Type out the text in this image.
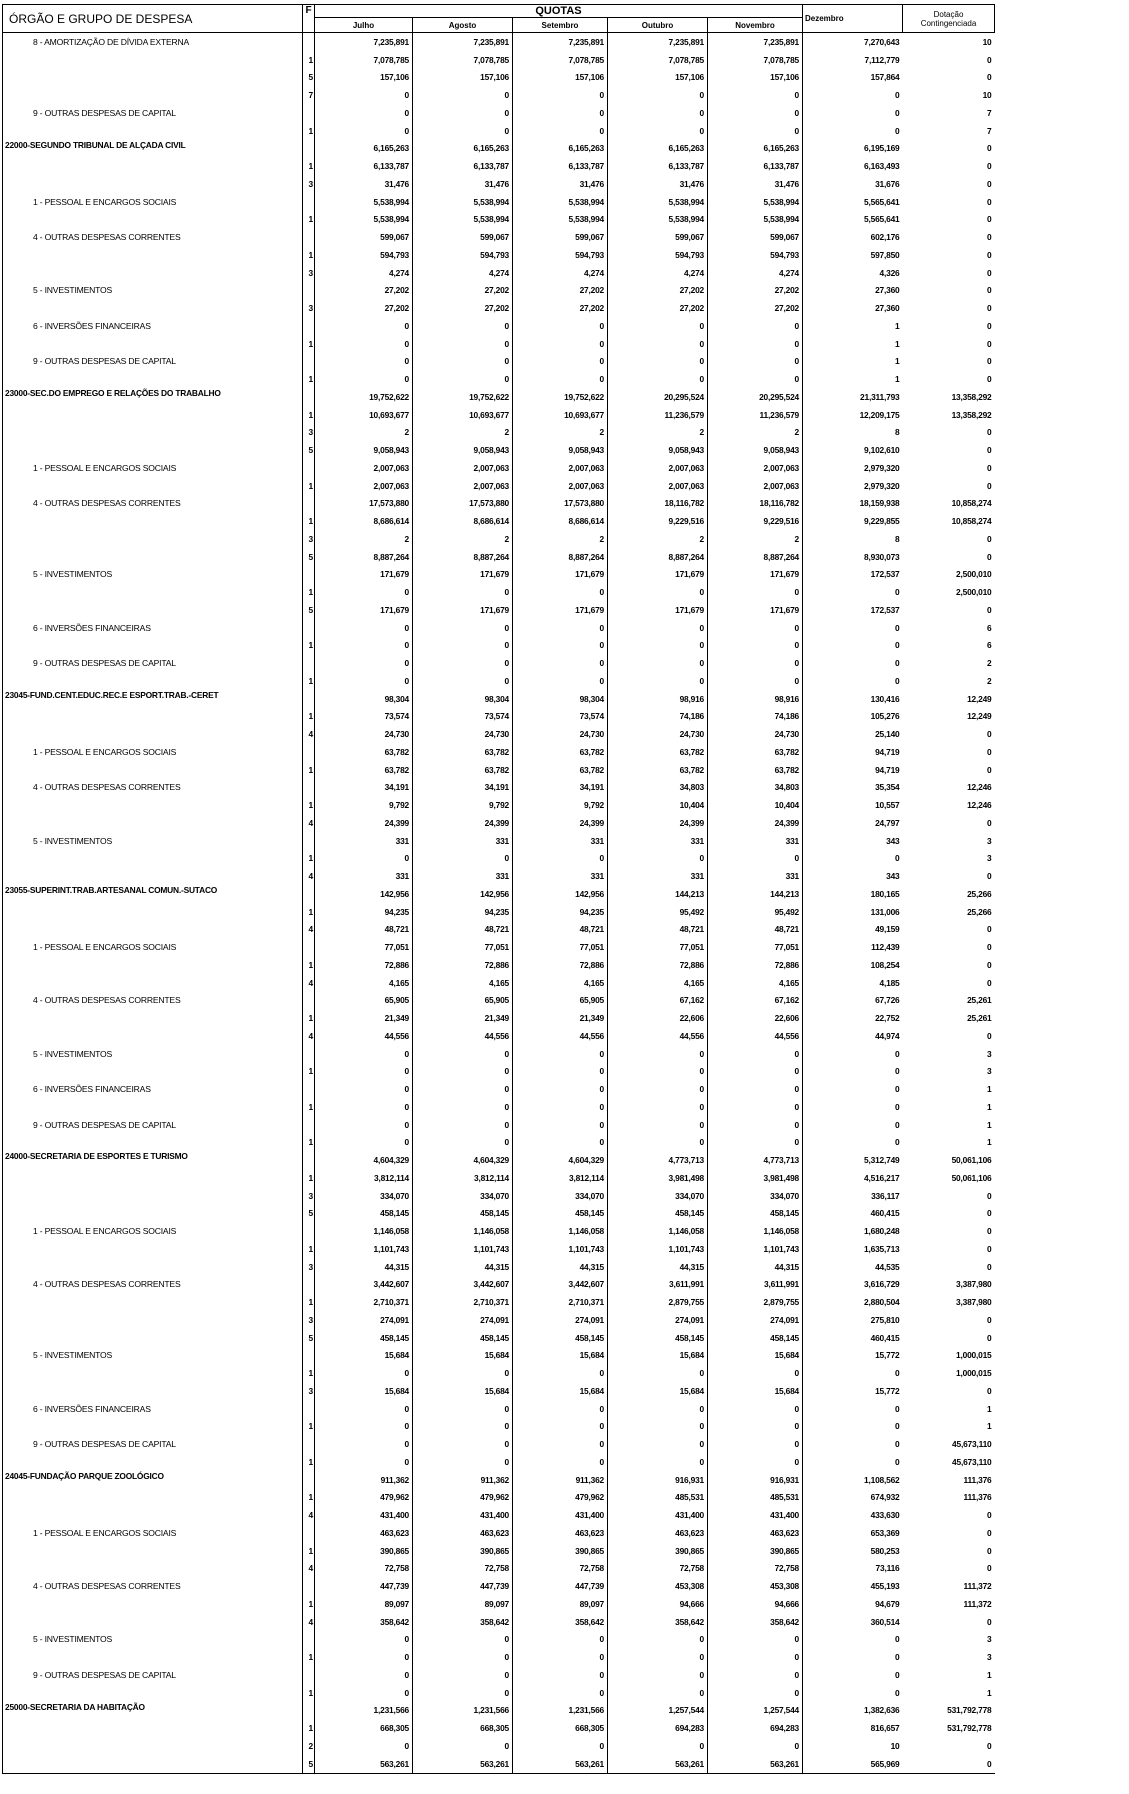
ÓRGÃO E GRUPO DE DESPESA	F	QUOTAS					Dezembro	Dotação Contingenciada
		Julho	Agosto	Setembro	Outubro	Novembro		
8 - AMORTIZAÇÃO DE DÍVIDA EXTERNA		7,235,891	7,235,891	7,235,891	7,235,891	7,235,891	7,270,643	10
	1	7,078,785	7,078,785	7,078,785	7,078,785	7,078,785	7,112,779	0
	5	157,106	157,106	157,106	157,106	157,106	157,864	0
	7	0	0	0	0	0	0	10
9 - OUTRAS DESPESAS DE CAPITAL		0	0	0	0	0	0	7
	1	0	0	0	0	0	0	7
22000-SEGUNDO TRIBUNAL DE ALÇADA CIVIL		6,165,263	6,165,263	6,165,263	6,165,263	6,165,263	6,195,169	0
	1	6,133,787	6,133,787	6,133,787	6,133,787	6,133,787	6,163,493	0
	3	31,476	31,476	31,476	31,476	31,476	31,676	0
1 - PESSOAL E ENCARGOS SOCIAIS		5,538,994	5,538,994	5,538,994	5,538,994	5,538,994	5,565,641	0
	1	5,538,994	5,538,994	5,538,994	5,538,994	5,538,994	5,565,641	0
4 - OUTRAS DESPESAS CORRENTES		599,067	599,067	599,067	599,067	599,067	602,176	0
	1	594,793	594,793	594,793	594,793	594,793	597,850	0
	3	4,274	4,274	4,274	4,274	4,274	4,326	0
5 - INVESTIMENTOS		27,202	27,202	27,202	27,202	27,202	27,360	0
	3	27,202	27,202	27,202	27,202	27,202	27,360	0
6 - INVERSÕES FINANCEIRAS		0	0	0	0	0	1	0
	1	0	0	0	0	0	1	0
9 - OUTRAS DESPESAS DE CAPITAL		0	0	0	0	0	1	0
	1	0	0	0	0	0	1	0
23000-SEC.DO EMPREGO E RELAÇÕES DO TRABALHO		19,752,622	19,752,622	19,752,622	20,295,524	20,295,524	21,311,793	13,358,292
	1	10,693,677	10,693,677	10,693,677	11,236,579	11,236,579	12,209,175	13,358,292
	3	2	2	2	2	2	8	0
	5	9,058,943	9,058,943	9,058,943	9,058,943	9,058,943	9,102,610	0
1 - PESSOAL E ENCARGOS SOCIAIS		2,007,063	2,007,063	2,007,063	2,007,063	2,007,063	2,979,320	0
	1	2,007,063	2,007,063	2,007,063	2,007,063	2,007,063	2,979,320	0
4 - OUTRAS DESPESAS CORRENTES		17,573,880	17,573,880	17,573,880	18,116,782	18,116,782	18,159,938	10,858,274
	1	8,686,614	8,686,614	8,686,614	9,229,516	9,229,516	9,229,855	10,858,274
	3	2	2	2	2	2	8	0
	5	8,887,264	8,887,264	8,887,264	8,887,264	8,887,264	8,930,073	0
5 - INVESTIMENTOS		171,679	171,679	171,679	171,679	171,679	172,537	2,500,010
	1	0	0	0	0	0	0	2,500,010
	5	171,679	171,679	171,679	171,679	171,679	172,537	0
6 - INVERSÕES FINANCEIRAS		0	0	0	0	0	0	6
	1	0	0	0	0	0	0	6
9 - OUTRAS DESPESAS DE CAPITAL		0	0	0	0	0	0	2
	1	0	0	0	0	0	0	2
23045-FUND.CENT.EDUC.REC.E ESPORT.TRAB.-CERET		98,304	98,304	98,304	98,916	98,916	130,416	12,249
	1	73,574	73,574	73,574	74,186	74,186	105,276	12,249
	4	24,730	24,730	24,730	24,730	24,730	25,140	0
1 - PESSOAL E ENCARGOS SOCIAIS		63,782	63,782	63,782	63,782	63,782	94,719	0
	1	63,782	63,782	63,782	63,782	63,782	94,719	0
4 - OUTRAS DESPESAS CORRENTES		34,191	34,191	34,191	34,803	34,803	35,354	12,246
	1	9,792	9,792	9,792	10,404	10,404	10,557	12,246
	4	24,399	24,399	24,399	24,399	24,399	24,797	0
5 - INVESTIMENTOS		331	331	331	331	331	343	3
	1	0	0	0	0	0	0	3
	4	331	331	331	331	331	343	0
23055-SUPERINT.TRAB.ARTESANAL COMUN.-SUTACO		142,956	142,956	142,956	144,213	144,213	180,165	25,266
	1	94,235	94,235	94,235	95,492	95,492	131,006	25,266
	4	48,721	48,721	48,721	48,721	48,721	49,159	0
1 - PESSOAL E ENCARGOS SOCIAIS		77,051	77,051	77,051	77,051	77,051	112,439	0
	1	72,886	72,886	72,886	72,886	72,886	108,254	0
	4	4,165	4,165	4,165	4,165	4,165	4,185	0
4 - OUTRAS DESPESAS CORRENTES		65,905	65,905	65,905	67,162	67,162	67,726	25,261
	1	21,349	21,349	21,349	22,606	22,606	22,752	25,261
	4	44,556	44,556	44,556	44,556	44,556	44,974	0
5 - INVESTIMENTOS		0	0	0	0	0	0	3
	1	0	0	0	0	0	0	3
6 - INVERSÕES FINANCEIRAS		0	0	0	0	0	0	1
	1	0	0	0	0	0	0	1
9 - OUTRAS DESPESAS DE CAPITAL		0	0	0	0	0	0	1
	1	0	0	0	0	0	0	1
24000-SECRETARIA DE ESPORTES E TURISMO		4,604,329	4,604,329	4,604,329	4,773,713	4,773,713	5,312,749	50,061,106
	1	3,812,114	3,812,114	3,812,114	3,981,498	3,981,498	4,516,217	50,061,106
	3	334,070	334,070	334,070	334,070	334,070	336,117	0
	5	458,145	458,145	458,145	458,145	458,145	460,415	0
1 - PESSOAL E ENCARGOS SOCIAIS		1,146,058	1,146,058	1,146,058	1,146,058	1,146,058	1,680,248	0
	1	1,101,743	1,101,743	1,101,743	1,101,743	1,101,743	1,635,713	0
	3	44,315	44,315	44,315	44,315	44,315	44,535	0
4 - OUTRAS DESPESAS CORRENTES		3,442,607	3,442,607	3,442,607	3,611,991	3,611,991	3,616,729	3,387,980
	1	2,710,371	2,710,371	2,710,371	2,879,755	2,879,755	2,880,504	3,387,980
	3	274,091	274,091	274,091	274,091	274,091	275,810	0
	5	458,145	458,145	458,145	458,145	458,145	460,415	0
5 - INVESTIMENTOS		15,684	15,684	15,684	15,684	15,684	15,772	1,000,015
	1	0	0	0	0	0	0	1,000,015
	3	15,684	15,684	15,684	15,684	15,684	15,772	0
6 - INVERSÕES FINANCEIRAS		0	0	0	0	0	0	1
	1	0	0	0	0	0	0	1
9 - OUTRAS DESPESAS DE CAPITAL		0	0	0	0	0	0	45,673,110
	1	0	0	0	0	0	0	45,673,110
24045-FUNDAÇÃO PARQUE ZOOLÓGICO		911,362	911,362	911,362	916,931	916,931	1,108,562	111,376
	1	479,962	479,962	479,962	485,531	485,531	674,932	111,376
	4	431,400	431,400	431,400	431,400	431,400	433,630	0
1 - PESSOAL E ENCARGOS SOCIAIS		463,623	463,623	463,623	463,623	463,623	653,369	0
	1	390,865	390,865	390,865	390,865	390,865	580,253	0
	4	72,758	72,758	72,758	72,758	72,758	73,116	0
4 - OUTRAS DESPESAS CORRENTES		447,739	447,739	447,739	453,308	453,308	455,193	111,372
	1	89,097	89,097	89,097	94,666	94,666	94,679	111,372
	4	358,642	358,642	358,642	358,642	358,642	360,514	0
5 - INVESTIMENTOS		0	0	0	0	0	0	3
	1	0	0	0	0	0	0	3
9 - OUTRAS DESPESAS DE CAPITAL		0	0	0	0	0	0	1
	1	0	0	0	0	0	0	1
25000-SECRETARIA DA HABITAÇÃO		1,231,566	1,231,566	1,231,566	1,257,544	1,257,544	1,382,636	531,792,778
	1	668,305	668,305	668,305	694,283	694,283	816,657	531,792,778
	2	0	0	0	0	0	10	0
	5	563,261	563,261	563,261	563,261	563,261	565,969	0
